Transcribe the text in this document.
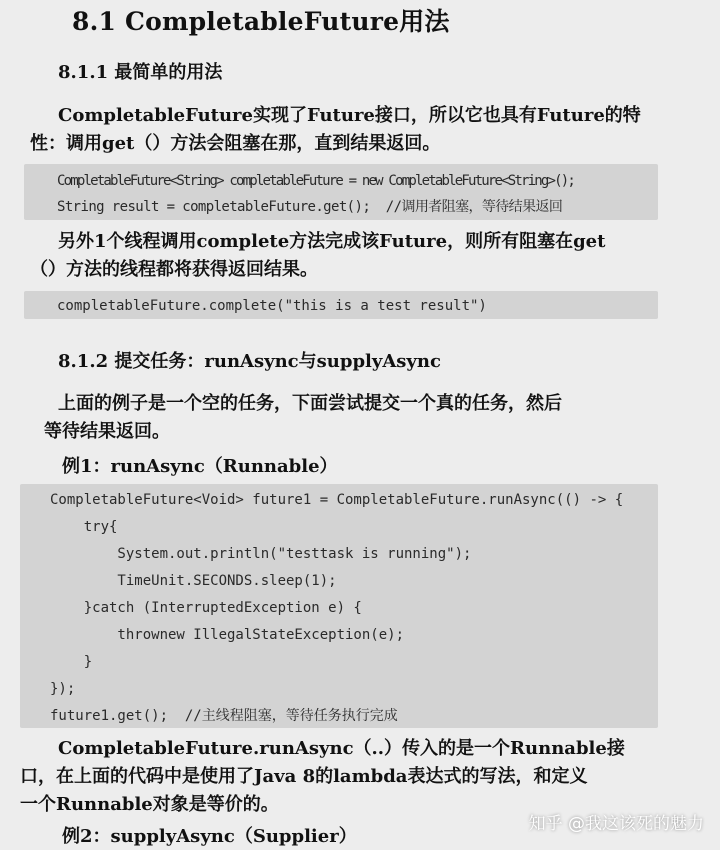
8.1 CompletableFuture用法
8.1.1 最简单的用法
CompletableFuture实现了Future接口，所以它也具有Future的特
性：调用get（）方法会阻塞在那，直到结果返回。
CompletableFuture<String> completableFuture = new CompletableFuture<String>();
String result = completableFuture.get();  //调用者阻塞，等待结果返回
另外1个线程调用complete方法完成该Future，则所有阻塞在get
（）方法的线程都将获得返回结果。
completableFuture.complete("this is a test result")
8.1.2 提交任务：runAsync与supplyAsync
上面的例子是一个空的任务，下面尝试提交一个真的任务，然后
等待结果返回。
例1：runAsync（Runnable）
CompletableFuture<Void> future1 = CompletableFuture.runAsync(() -> {
try{
System.out.println("testtask is running");
TimeUnit.SECONDS.sleep(1);
}catch (InterruptedException e) {
thrownew IllegalStateException(e);
}
});
future1.get();  //主线程阻塞，等待任务执行完成
CompletableFuture.runAsync（..）传入的是一个Runnable接
口，在上面的代码中是使用了Java 8的lambda表达式的写法，和定义
一个Runnable对象是等价的。
例2：supplyAsync（Supplier）
知乎 @我这该死的魅力
